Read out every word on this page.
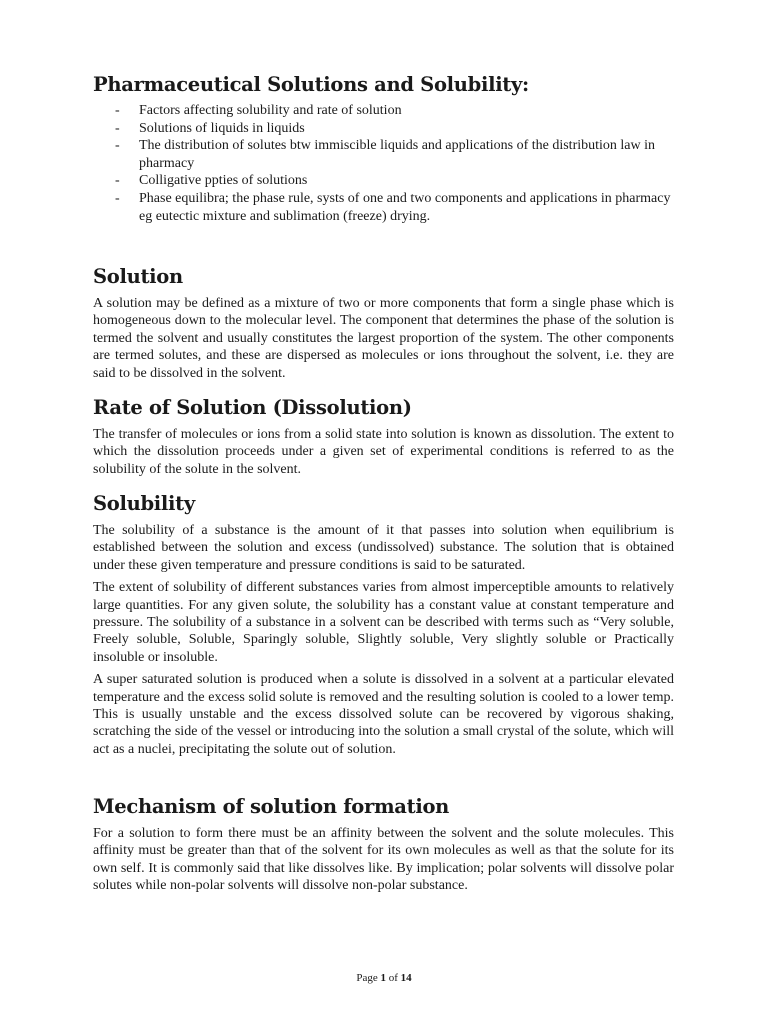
Pharmaceutical Solutions and Solubility:
- Factors affecting solubility and rate of solution
- Solutions of liquids in liquids
- The distribution of solutes btw immiscible liquids and applications of the distribution law in pharmacy
- Colligative ppties of solutions
- Phase equilibra; the phase rule, systs of one and two components and applications in pharmacy eg eutectic mixture and sublimation (freeze) drying.
Solution

A solution may be defined as a mixture of two or more components that form a single phase which is homogeneous down to the molecular level. The component that determines the phase of the solution is termed the solvent and usually constitutes the largest proportion of the system. The other components are termed solutes, and these are dispersed as molecules or ions throughout the solvent, i.e. they are said to be dissolved in the solvent.

Rate of Solution (Dissolution)

The transfer of molecules or ions from a solid state into solution is known as dissolution. The extent to which the dissolution proceeds under a given set of experimental conditions is referred to as the solubility of the solute in the solvent.

Solubility

The solubility of a substance is the amount of it that passes into solution when equilibrium is established between the solution and excess (undissolved) substance. The solution that is obtained under these given temperature and pressure conditions is said to be saturated.

The extent of solubility of different substances varies from almost imperceptible amounts to relatively large quantities. For any given solute, the solubility has a constant value at constant temperature and pressure. The solubility of a substance in a solvent can be described with terms such as “Very soluble, Freely soluble, Soluble, Sparingly soluble, Slightly soluble, Very slightly soluble or Practically insoluble or insoluble.

A super saturated solution is produced when a solute is dissolved in a solvent at a particular elevated temperature and the excess solid solute is removed and the resulting solution is cooled to a lower temp. This is usually unstable and the excess dissolved solute can be recovered by vigorous shaking, scratching the side of the vessel or introducing into the solution a small crystal of the solute, which will act as a nuclei, precipitating the solute out of solution.

Mechanism of solution formation

For a solution to form there must be an affinity between the solvent and the solute molecules. This affinity must be greater than that of the solvent for its own molecules as well as that the solute for its own self. It is commonly said that like dissolves like. By implication; polar solvents will dissolve polar solutes while non-polar solvents will dissolve non-polar substance.

Page 1 of 14
